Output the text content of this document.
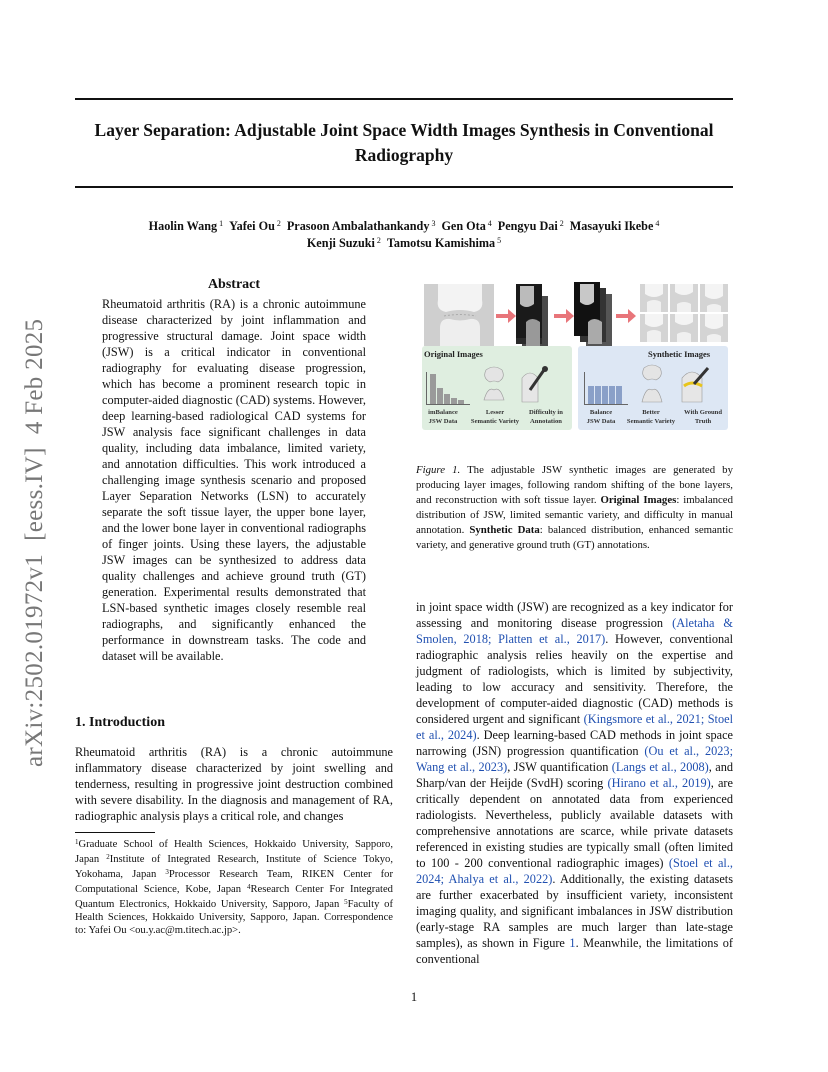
Layer Separation: Adjustable Joint Space Width Images Synthesis in Conventional Radiography
Haolin Wang $^1$ Yafei Ou $^2$ Prasoon Ambalathankandy $^3$ Gen Ota $^4$ Pengyu Dai $^2$ Masayuki Ikebe $^4$
Kenji Suzuki $^2$ Tamotsu Kamishima $^5$
arXiv:2502.01972v1  [eess.IV]  4 Feb 2025
Abstract

Rheumatoid arthritis (RA) is a chronic autoimmune disease characterized by joint inflammation and progressive structural damage. Joint space width (JSW) is a critical indicator in conventional radiography for evaluating disease progression, which has become a prominent research topic in computer-aided diagnostic (CAD) systems. However, deep learning-based radiological CAD systems for JSW analysis face significant challenges in data quality, including data imbalance, limited variety, and annotation difficulties. This work introduced a challenging image synthesis scenario and proposed Layer Separation Networks (LSN) to accurately separate the soft tissue layer, the upper bone layer, and the lower bone layer in conventional radiographs of finger joints. Using these layers, the adjustable JSW images can be synthesized to address data quality challenges and achieve ground truth (GT) generation. Experimental results demonstrated that LSN-based synthetic images closely resemble real radiographs, and significantly enhanced the performance in downstream tasks. The code and dataset will be available.

1. Introduction

Rheumatoid arthritis (RA) is a chronic autoimmune inflammatory disease characterized by joint swelling and tenderness, resulting in progressive joint destruction combined with severe disability. In the diagnosis and management of RA, radiographic analysis plays a critical role, and changes

$^1$Graduate School of Health Sciences, Hokkaido University, Sapporo, Japan $^2$Institute of Integrated Research, Institute of Science Tokyo, Yokohama, Japan $^3$Processor Research Team, RIKEN Center for Computational Science, Kobe, Japan $^4$Research Center For Integrated Quantum Electronics, Hokkaido University, Sapporo, Japan $^5$Faculty of Health Sciences, Hokkaido University, Sapporo, Japan. Correspondence to: Yafei Ou <ou.y.ac@m.titech.ac.jp>.
Original Images	Synthetic Images
imBalance
JSW Data
Lesser
Semantic Variety
Difficulty in
Annotation
Balance
JSW Data
Better
Semantic Variety
With Ground
Truth
Figure 1. The adjustable JSW synthetic images are generated by producing layer images, following random shifting of the bone layers, and reconstruction with soft tissue layer. Original Images: imbalanced distribution of JSW, limited semantic variety, and difficulty in manual annotation. Synthetic Data: balanced distribution, enhanced semantic variety, and generative ground truth (GT) annotations.

in joint space width (JSW) are recognized as a key indicator for assessing and monitoring disease progression (Aletaha & Smolen, 2018; Platten et al., 2017). However, conventional radiographic analysis relies heavily on the expertise and judgment of radiologists, which is limited by subjectivity, leading to low accuracy and sensitivity. Therefore, the development of computer-aided diagnostic (CAD) methods is considered urgent and significant (Kingsmore et al., 2021; Stoel et al., 2024). Deep learning-based CAD methods in joint space narrowing (JSN) progression quantification (Ou et al., 2023; Wang et al., 2023), JSW quantification (Langs et al., 2008), and Sharp/van der Heijde (SvdH) scoring (Hirano et al., 2019), are critically dependent on annotated data from experienced radiologists. Nevertheless, publicly available datasets with comprehensive annotations are scarce, while private datasets referenced in existing studies are typically small (often limited to 100 - 200 conventional radiographic images) (Stoel et al., 2024; Ahalya et al., 2022). Additionally, the existing datasets are further exacerbated by insufficient variety, inconsistent imaging quality, and significant imbalances in JSW distribution (early-stage RA samples are much larger than late-stage samples), as shown in Figure 1. Meanwhile, the limitations of conventional

1
